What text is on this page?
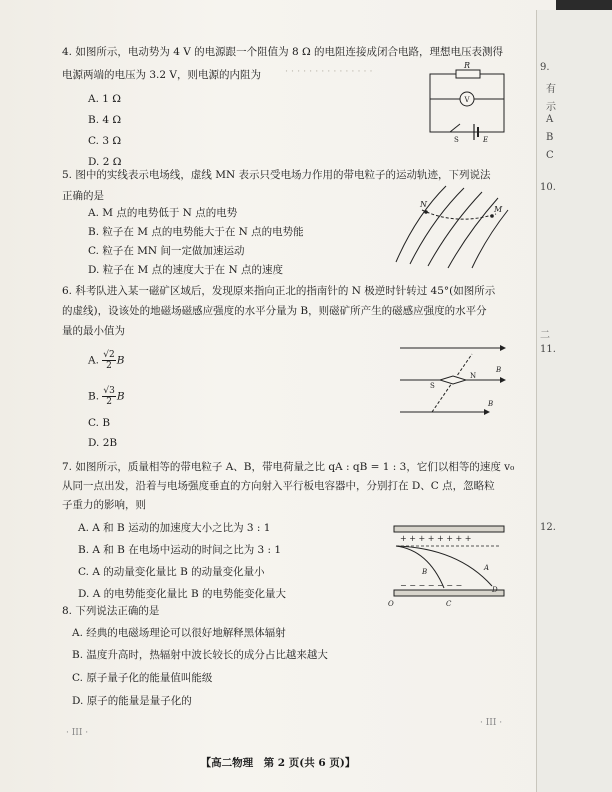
· · · · · · · · · · · · · · ·
4. 如图所示，电动势为 4 V 的电源跟一个阻值为 8 Ω 的电阻连接成闭合电路，理想电压表测得
电源两端的电压为 3.2 V，则电源的内阻为
A. 1 Ω
B. 4 Ω
C. 3 Ω
D. 2 Ω
R
V
S	E
5. 图中的实线表示电场线，虚线 MN 表示只受电场力作用的带电粒子的运动轨迹，下列说法
正确的是
A. M 点的电势低于 N 点的电势
B. 粒子在 M 点的电势能大于在 N 点的电势能
C. 粒子在 MN 间一定做加速运动
D. 粒子在 M 点的速度大于在 N 点的速度
N
M
6. 科考队进入某一磁矿区域后，发现原来指向正北的指南针的 N 极逆时针转过 45°(如图所示
的虚线)，设该处的地磁场磁感应强度的水平分量为 B，则磁矿所产生的磁感应强度的水平分
量的最小值为
A. $\frac{√2}{2}$ B
B. $\frac{√3}{2}$ B
C. B
D. 2B
S
N
B
B
7. 如图所示，质量相等的带电粒子 A、B，带电荷量之比 qA : qB = 1 : 3，它们以相等的速度 v₀
从同一点出发，沿着与电场强度垂直的方向射入平行板电容器中，分别打在 D、C 点，忽略粒
子重力的影响，则
A. A 和 B 运动的加速度大小之比为 3 : 1
B. A 和 B 在电场中运动的时间之比为 3 : 1
C. A 的动量变化量比 B 的动量变化量小
D. A 的电势能变化量比 B 的电势能变化量大
+ + + + + + + +
− − − − − − −
A
B
O	C
D
8. 下列说法正确的是
A. 经典的电磁场理论可以很好地解释黑体辐射
B. 温度升高时，热辐射中波长较长的成分占比越来越大
C. 原子量子化的能量值叫能级
D. 原子的能量是量子化的
9.
有
示
A
B
C
10.
二
11.
12.
· III ·
· III ·
【高二物理　第 2 页(共 6 页)】
